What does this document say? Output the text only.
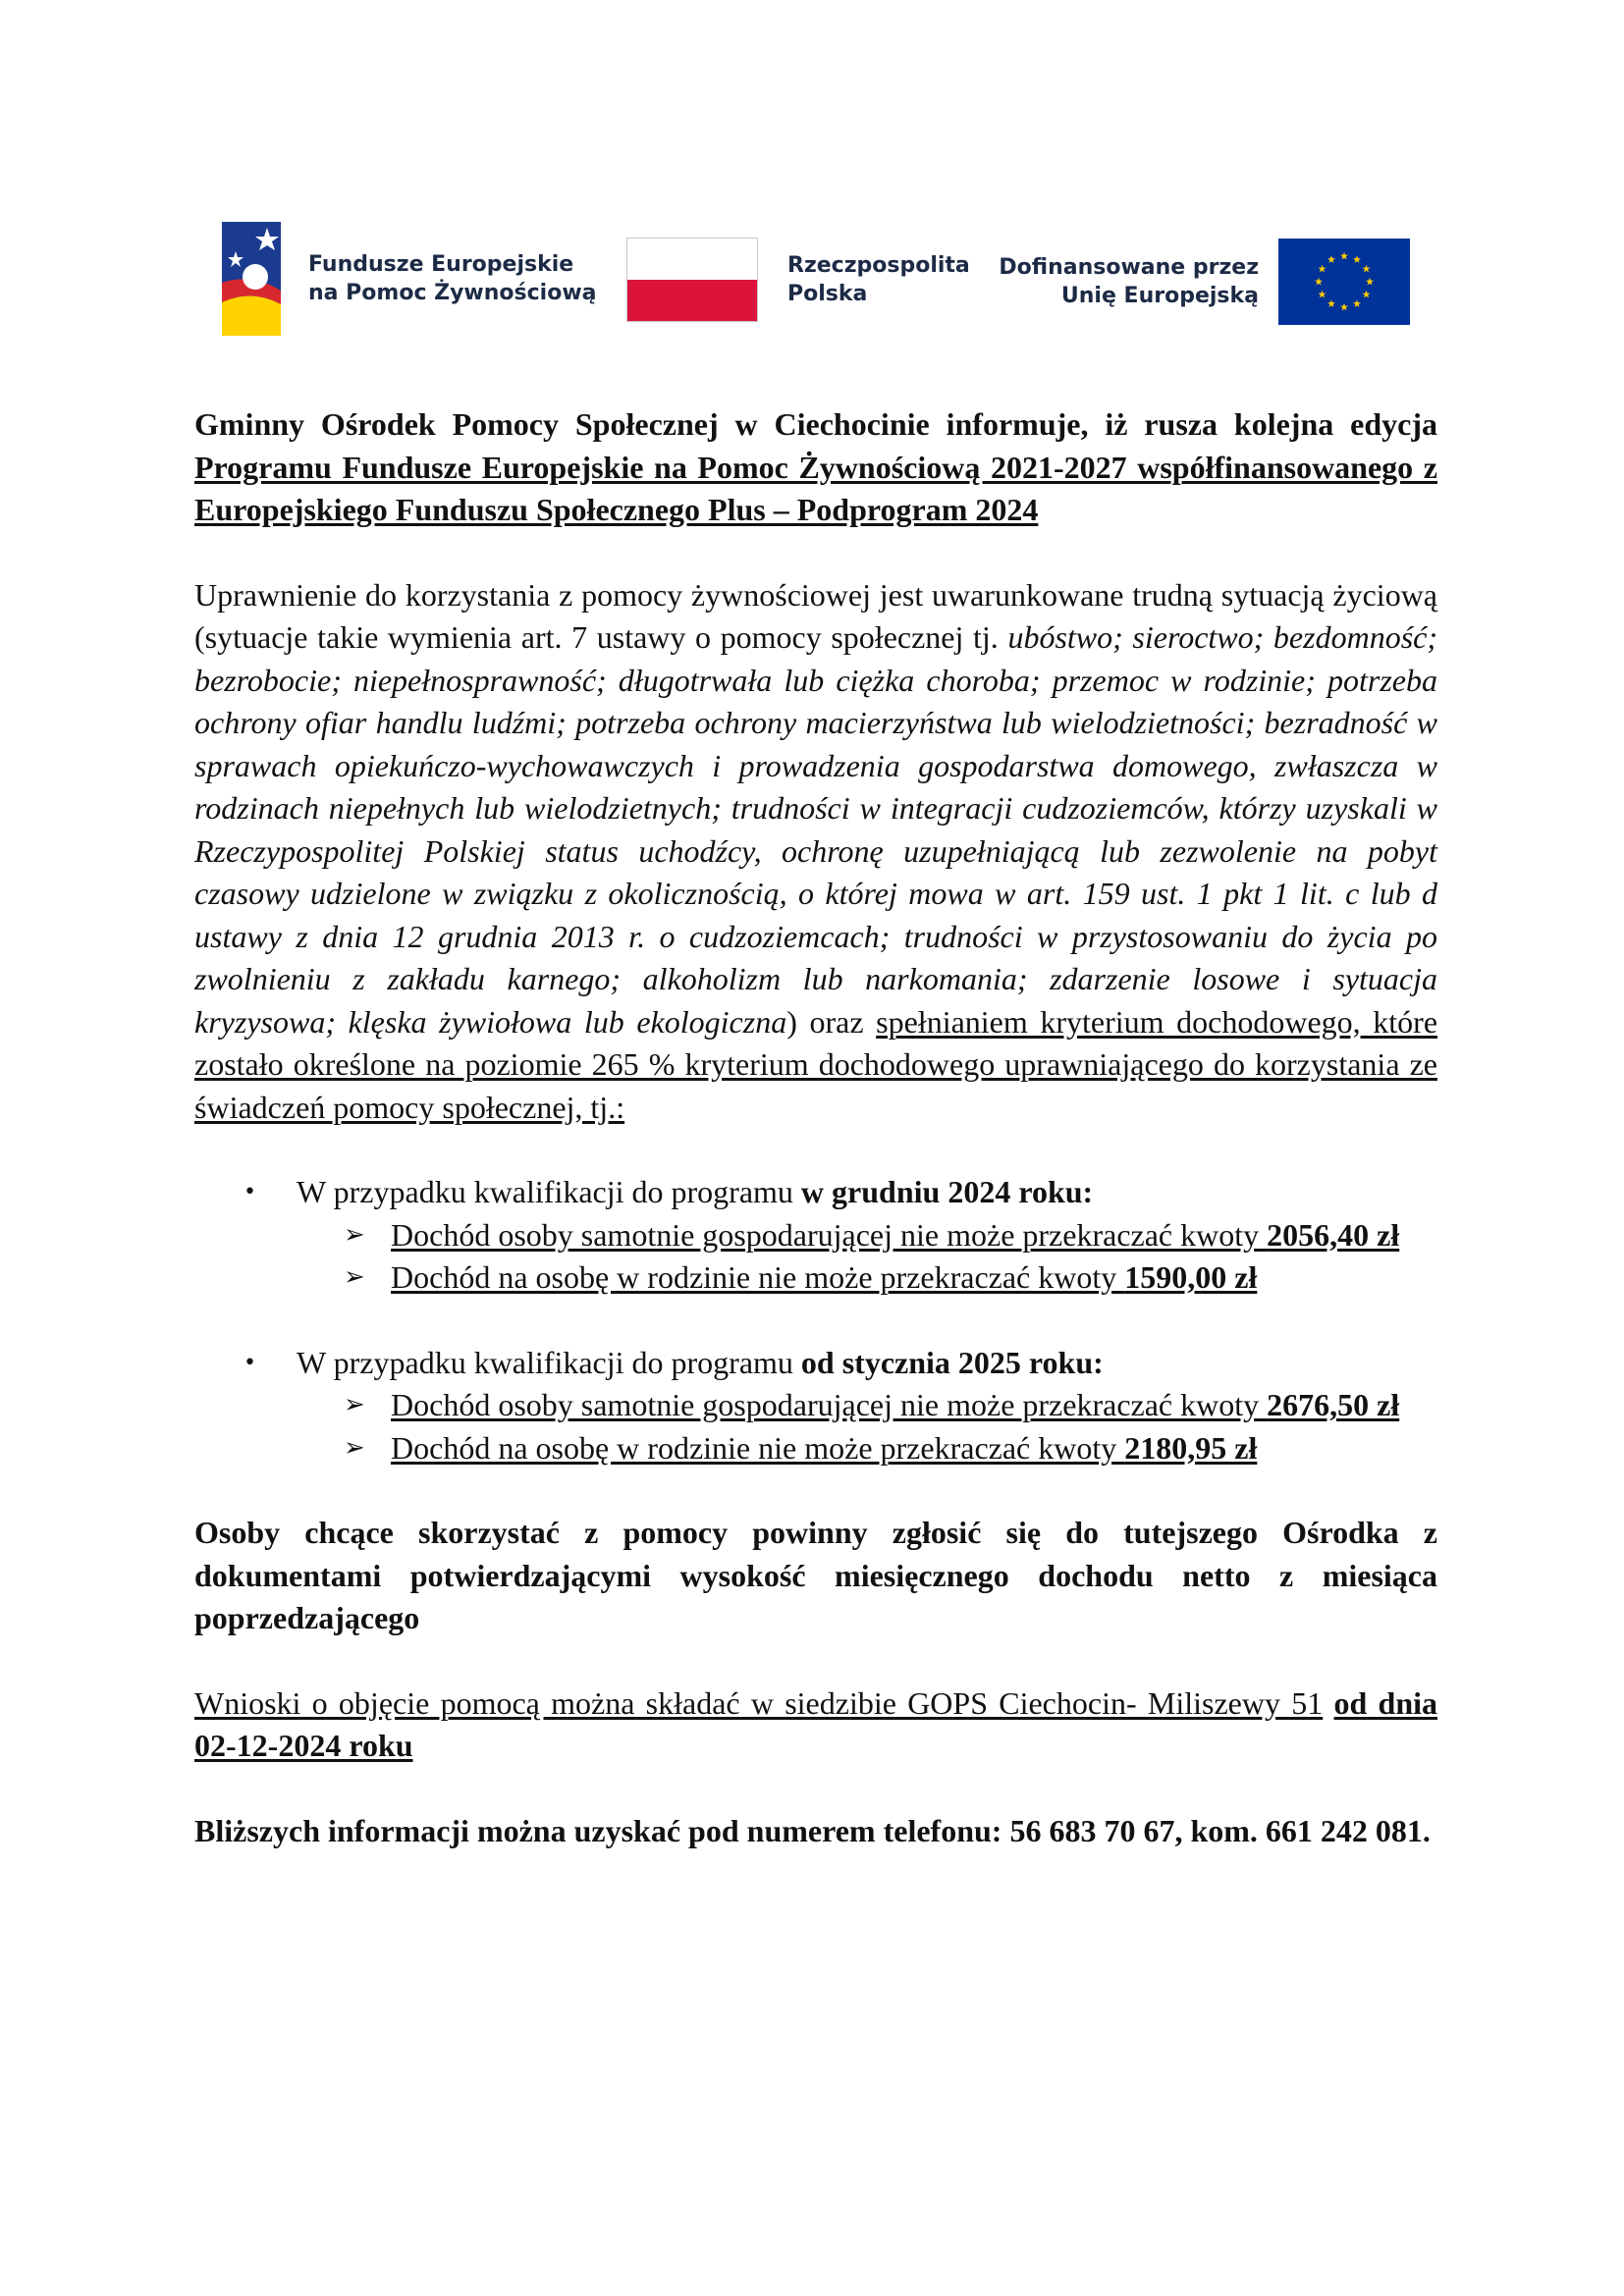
Fundusze Europejskie
na Pomoc Żywnościową
Rzeczpospolita
Polska
Dofinansowane przez
Unię Europejską

Gminny Ośrodek Pomocy Społecznej w Ciechocinie informuje, iż rusza kolejna edycja Programu Fundusze Europejskie na Pomoc Żywnościową 2021-2027 współfinansowanego z Europejskiego Funduszu Społecznego Plus – Podprogram 2024

Uprawnienie do korzystania z pomocy żywnościowej jest uwarunkowane trudną sytuacją życiową (sytuacje takie wymienia art. 7 ustawy o pomocy społecznej tj. ubóstwo; sieroctwo; bezdomność; bezrobocie; niepełnosprawność; długotrwała lub ciężka choroba; przemoc w rodzinie; potrzeba ochrony ofiar handlu ludźmi; potrzeba ochrony macierzyństwa lub wielodzietności; bezradność w sprawach opiekuńczo-wychowawczych i prowadzenia gospodarstwa domowego, zwłaszcza w rodzinach niepełnych lub wielodzietnych; trudności w integracji cudzoziemców, którzy uzyskali w Rzeczypospolitej Polskiej status uchodźcy, ochronę uzupełniającą lub zezwolenie na pobyt czasowy udzielone w związku z okolicznością, o której mowa w art. 159 ust. 1 pkt 1 lit. c lub d ustawy z dnia 12 grudnia 2013 r. o cudzoziemcach; trudności w przystosowaniu do życia po zwolnieniu z zakładu karnego; alkoholizm lub narkomania; zdarzenie losowe i sytuacja kryzysowa; klęska żywiołowa lub ekologiczna) oraz spełnianiem kryterium dochodowego, które zostało określone na poziomie 265 % kryterium dochodowego uprawniającego do korzystania ze świadczeń pomocy społecznej, tj.:

• W przypadku kwalifikacji do programu w grudniu 2024 roku:
➢ Dochód osoby samotnie gospodarującej nie może przekraczać kwoty 2056,40 zł
➢ Dochód na osobę w rodzinie nie może przekraczać kwoty 1590,00 zł
• W przypadku kwalifikacji do programu od stycznia 2025 roku:
➢ Dochód osoby samotnie gospodarującej nie może przekraczać kwoty 2676,50 zł
➢ Dochód na osobę w rodzinie nie może przekraczać kwoty 2180,95 zł

Osoby chcące skorzystać z pomocy powinny zgłosić się do tutejszego Ośrodka z dokumentami potwierdzającymi wysokość miesięcznego dochodu netto z miesiąca poprzedzającego

Wnioski o objęcie pomocą można składać w siedzibie GOPS Ciechocin- Miliszewy 51 od dnia 02-12-2024 roku

Bliższych informacji można uzyskać pod numerem telefonu: 56 683 70 67, kom. 661 242 081.
